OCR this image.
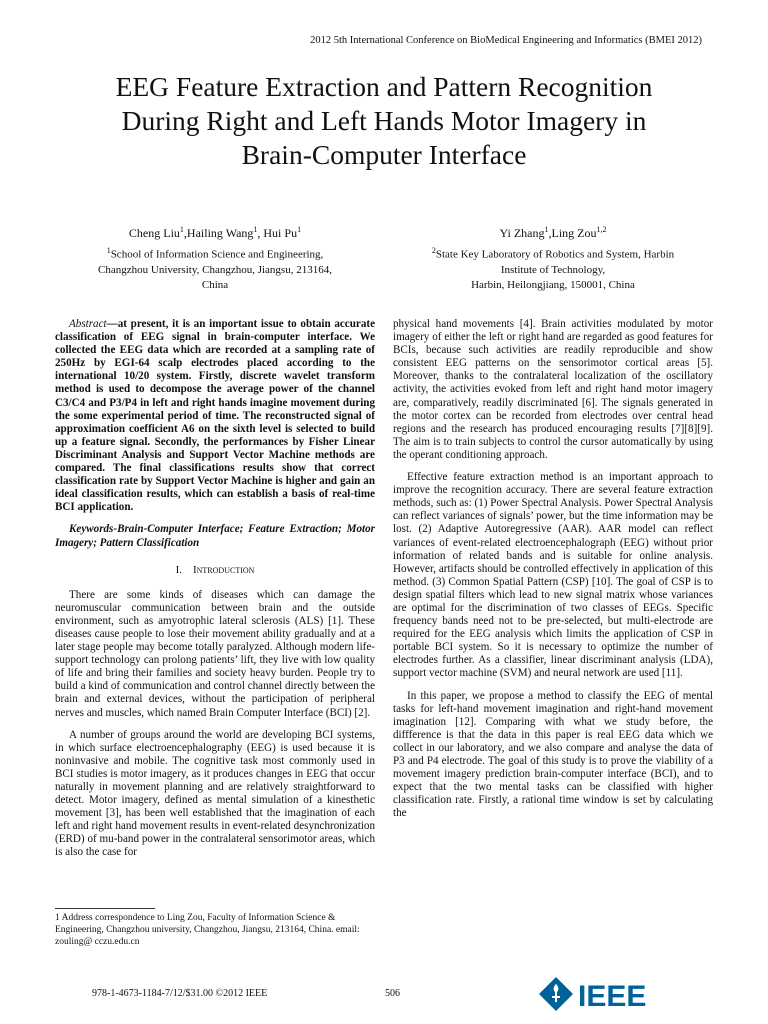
2012 5th International Conference on BioMedical Engineering and Informatics (BMEI 2012)
EEG Feature Extraction and Pattern Recognition
During Right and Left Hands Motor Imagery in
Brain-Computer Interface
Cheng Liu$^1$,Hailing Wang$^1$, Hui Pu$^1$
$^1$School of Information Science and Engineering,
Changzhou University, Changzhou, Jiangsu, 213164,
China
Yi Zhang$^1$,Ling Zou$^{1,2}$
$^2$State Key Laboratory of Robotics and System, Harbin
Institute of Technology,
Harbin, Heilongjiang, 150001, China

Abstract—at present, it is an important issue to obtain accurate classification of EEG signal in brain-computer interface. We collected the EEG data which are recorded at a sampling rate of 250Hz by EGI-64 scalp electrodes placed according to the international 10/20 system. Firstly, discrete wavelet transform method is used to decompose the average power of the channel C3/C4 and P3/P4 in left and right hands imagine movement during the some experimental period of time. The reconstructed signal of approximation coefficient A6 on the sixth level is selected to build up a feature signal. Secondly, the performances by Fisher Linear Discriminant Analysis and Support Vector Machine methods are compared. The final classifications results show that correct classification rate by Support Vector Machine is higher and gain an ideal classification results, which can establish a basis of real-time BCI application.

Keywords-Brain-Computer Interface; Feature Extraction; Motor Imagery; Pattern Classification

I. Introduction

There are some kinds of diseases which can damage the neuromuscular communication between brain and the outside environment, such as amyotrophic lateral sclerosis (ALS) [1]. These diseases cause people to lose their movement ability gradually and at a later stage people may become totally paralyzed. Although modern life-support technology can prolong patients’ lift, they live with low quality of life and bring their families and society heavy burden. People try to build a kind of communication and control channel directly between the brain and external devices, without the participation of peripheral nerves and muscles, which named Brain Computer Interface (BCI) [2].

A number of groups around the world are developing BCI systems, in which surface electroencephalography (EEG) is used because it is noninvasive and mobile. The cognitive task most commonly used in BCI studies is motor imagery, as it produces changes in EEG that occur naturally in movement planning and are relatively straightforward to detect. Motor imagery, defined as mental simulation of a kinesthetic movement [3], has been well established that the imagination of each left and right hand movement results in event-related desynchronization (ERD) of mu-band power in the contralateral sensorimotor areas, which is also the case for

physical hand movements [4]. Brain activities modulated by motor imagery of either the left or right hand are regarded as good features for BCIs, because such activities are readily reproducible and show consistent EEG patterns on the sensorimotor cortical areas [5]. Moreover, thanks to the contralateral localization of the oscillatory activity, the activities evoked from left and right hand motor imagery are, comparatively, readily discriminated [6]. The signals generated in the motor cortex can be recorded from electrodes over central head regions and the research has produced encouraging results [7][8][9]. The aim is to train subjects to control the cursor automatically by using the operant conditioning approach.

Effective feature extraction method is an important approach to improve the recognition accuracy. There are several feature extraction methods, such as: (1) Power Spectral Analysis. Power Spectral Analysis can reflect variances of signals’ power, but the time information may be lost. (2) Adaptive Autoregressive (AAR). AAR model can reflect variances of event-related electroencephalograph (EEG) without prior information of related bands and is suitable for online analysis. However, artifacts should be controlled effectively in application of this method. (3) Common Spatial Pattern (CSP) [10]. The goal of CSP is to design spatial filters which lead to new signal matrix whose variances are optimal for the discrimination of two classes of EEGs. Specific frequency bands need not to be pre-selected, but multi-electrode are required for the EEG analysis which limits the application of CSP in portable BCI system. So it is necessary to optimize the number of electrodes further. As a classifier, linear discriminant analysis (LDA), support vector machine (SVM) and neural network are used [11].

In this paper, we propose a method to classify the EEG of mental tasks for left-hand movement imagination and right-hand movement imagination [12]. Comparing with what we study before, the diffference is that the data in this paper is real EEG data which we collect in our laboratory, and we also compare and analyse the data of P3 and P4 electrode. The goal of this study is to prove the viability of a movement imagery prediction brain-computer interface (BCI), and to expect that the two mental tasks can be classified with higher classification rate. Firstly, a rational time window is set by calculating the

1 Address correspondence to Ling Zou, Faculty of Information Science & Engineering, Changzhou university, Changzhou, Jiangsu, 213164, China. email: zouling@ cczu.edu.cn
978-1-4673-1184-7/12/$31.00 ©2012 IEEE	506	IEEE
